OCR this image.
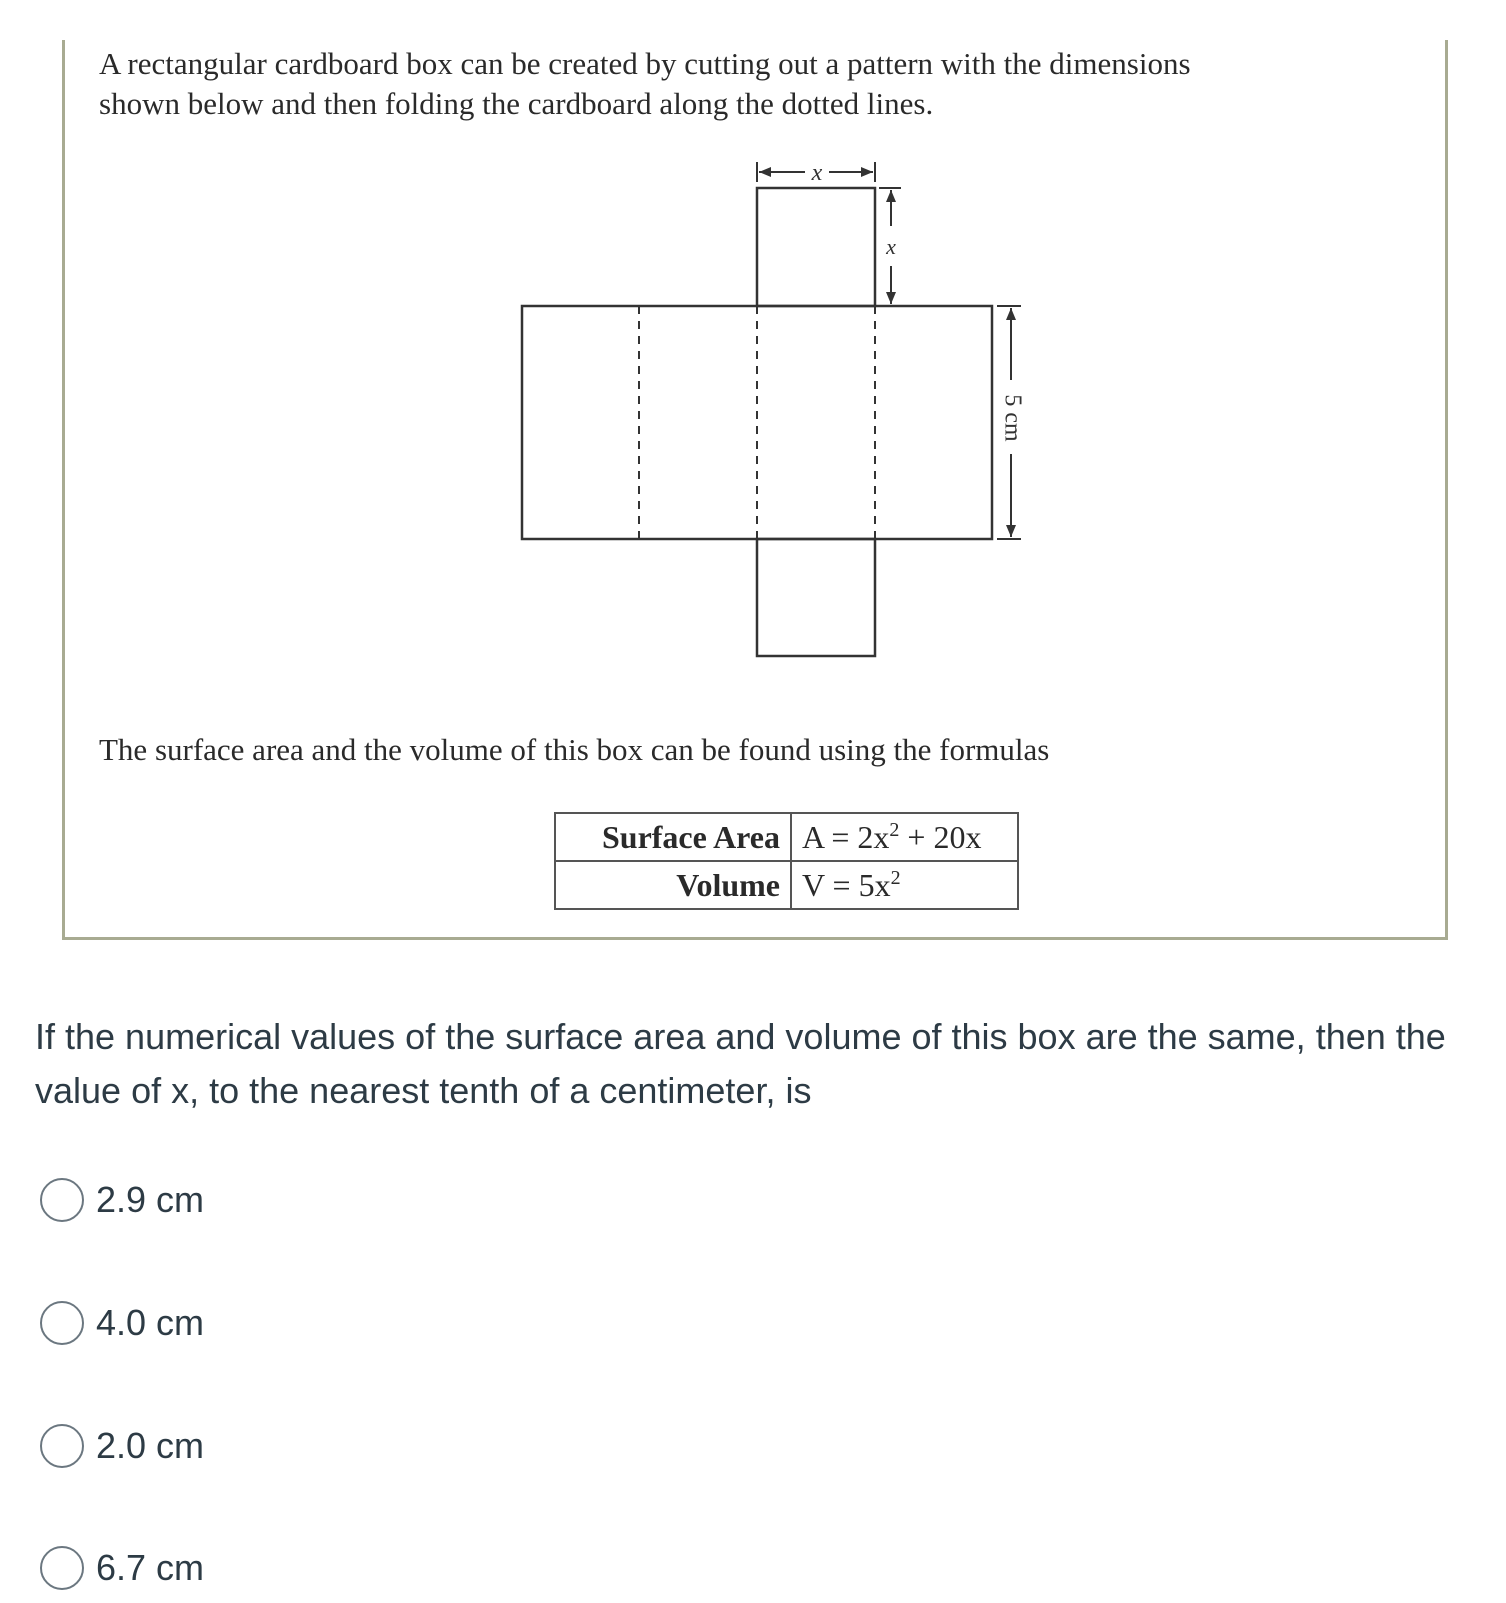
A rectangular cardboard box can be created by cutting out a pattern with the dimensions

shown below and then folding the cardboard along the dotted lines.

x
x
5 cm

The surface area and the volume of this box can be found using the formulas

Surface Area	$A = 2x^2 + 20x$
Volume	$V = 5x^2$

If the numerical values of the surface area and volume of this box are the same, then the value of x, to the nearest tenth of a centimeter, is

2.9 cm
4.0 cm
2.0 cm
6.7 cm
